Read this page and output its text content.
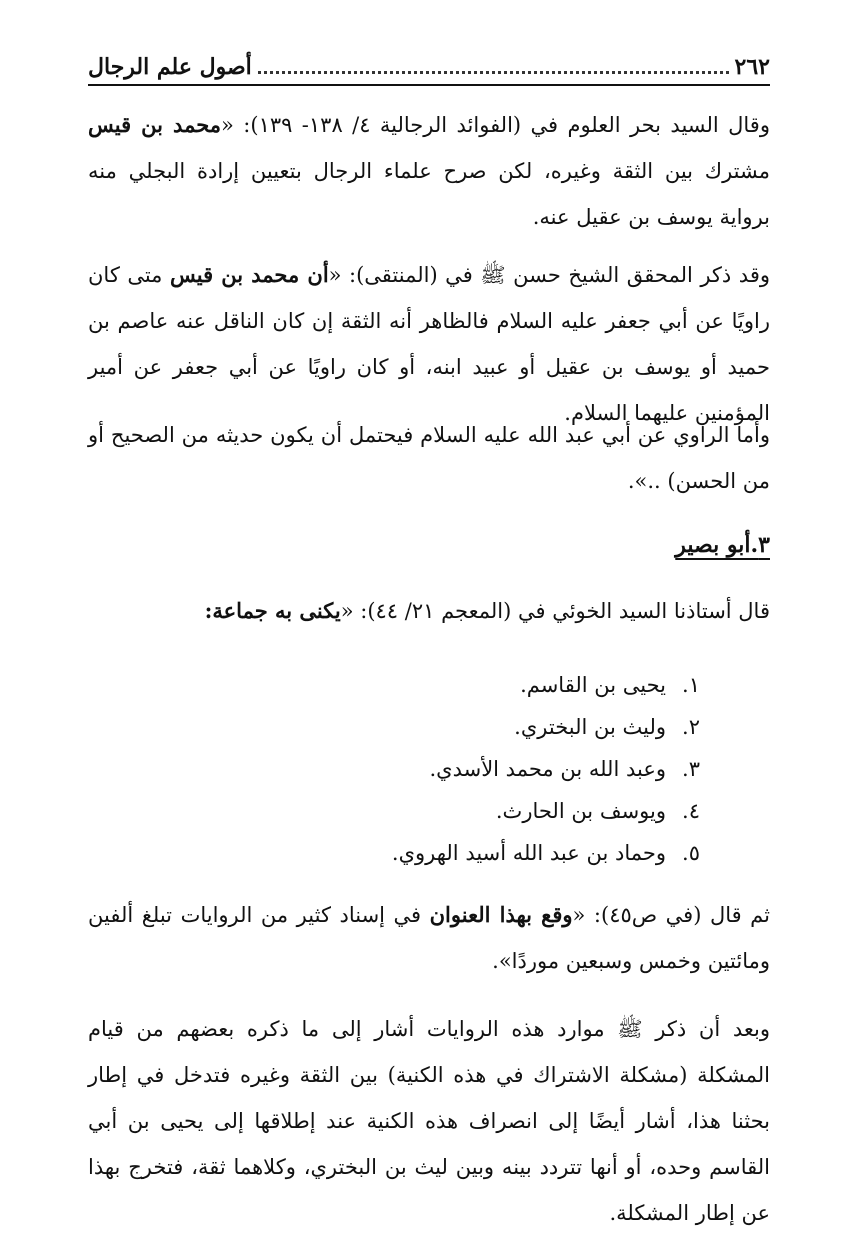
٢٦٢
أصول علم الرجال

وقال السيد بحر العلوم في (الفوائد الرجالية ٤/ ١٣٨- ١٣٩): «محمد بن قيس مشترك بين الثقة وغيره، لكن صرح علماء الرجال بتعيين إرادة البجلي منه برواية يوسف بن عقيل عنه.

وقد ذكر المحقق الشيخ حسن ﷺ في (المنتقى): «أن محمد بن قيس متى كان راويًا عن أبي جعفر عليه السلام فالظاهر أنه الثقة إن كان الناقل عنه عاصم بن حميد أو يوسف بن عقيل أو عبيد ابنه، أو كان راويًا عن أبي جعفر عن أمير المؤمنين عليهما السلام.

وأما الراوي عن أبي عبد الله عليه السلام فيحتمل أن يكون حديثه من الصحيح أو من الحسن) ..».

٣.أبو بصير

قال أستاذنا السيد الخوئي في (المعجم ٢١/ ٤٤): «يكنى به جماعة:

١.
يحيى بن القاسم.
٢.
وليث بن البختري.
٣.
وعبد الله بن محمد الأسدي.
٤.
ويوسف بن الحارث.
٥.
وحماد بن عبد الله أسيد الهروي.

ثم قال (في ص٤٥): «وقع بهذا العنوان في إسناد كثير من الروايات تبلغ ألفين ومائتين وخمس وسبعين موردًا».

وبعد أن ذكر ﷺ موارد هذه الروايات أشار إلى ما ذكره بعضهم من قيام المشكلة (مشكلة الاشتراك في هذه الكنية) بين الثقة وغيره فتدخل في إطار بحثنا هذا، أشار أيضًا إلى انصراف هذه الكنية عند إطلاقها إلى يحيى بن أبي القاسم وحده، أو أنها تتردد بينه وبين ليث بن البختري، وكلاهما ثقة، فتخرج بهذا عن إطار المشكلة.
